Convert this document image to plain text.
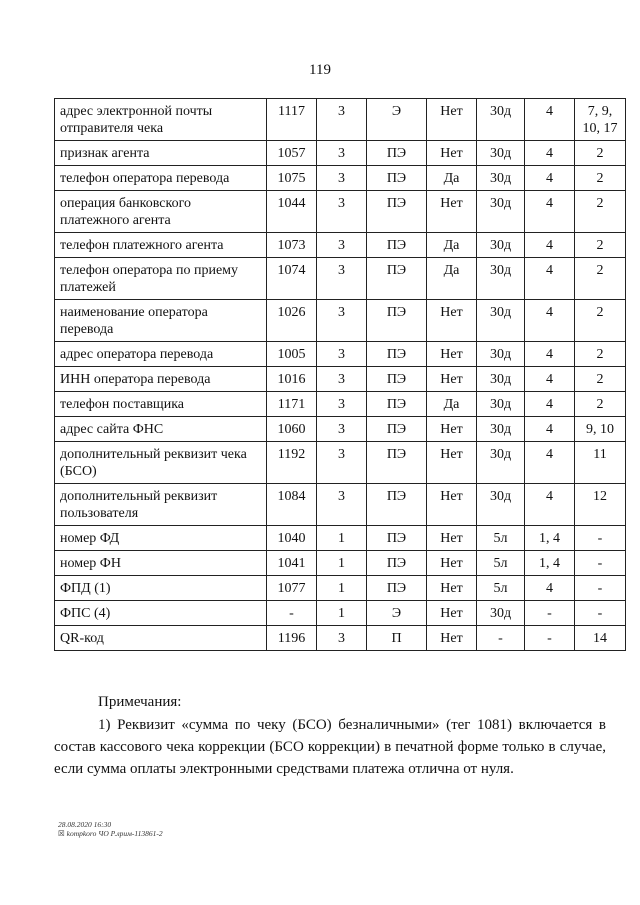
119
адрес электронной почты отправителя чека	1117	3	Э	Нет	30д	4	7, 9, 10, 17
признак агента	1057	3	ПЭ	Нет	30д	4	2
телефон оператора перевода	1075	3	ПЭ	Да	30д	4	2
операция банковского платежного агента	1044	3	ПЭ	Нет	30д	4	2
телефон платежного агента	1073	3	ПЭ	Да	30д	4	2
телефон оператора по приему платежей	1074	3	ПЭ	Да	30д	4	2
наименование оператора перевода	1026	3	ПЭ	Нет	30д	4	2
адрес оператора перевода	1005	3	ПЭ	Нет	30д	4	2
ИНН оператора перевода	1016	3	ПЭ	Нет	30д	4	2
телефон поставщика	1171	3	ПЭ	Да	30д	4	2
адрес сайта ФНС	1060	3	ПЭ	Нет	30д	4	9, 10
дополнительный реквизит чека (БСО)	1192	3	ПЭ	Нет	30д	4	11
дополнительный реквизит пользователя	1084	3	ПЭ	Нет	30д	4	12
номер ФД	1040	1	ПЭ	Нет	5л	1, 4	-
номер ФН	1041	1	ПЭ	Нет	5л	1, 4	-
ФПД (1)	1077	1	ПЭ	Нет	5л	4	-
ФПС (4)	-	1	Э	Нет	30д	-	-
QR-код	1196	3	П	Нет	-	-	14
Примечания:
1) Реквизит «сумма по чеку (БСО) безналичными» (тег 1081) включается в состав кассового чека коррекции (БСО коррекции) в печатной форме только в случае, если сумма оплаты электронными средствами платежа отлична от нуля.
28.08.2020 16:30
☒ kompkoro ЧО Р.лрим-113861-2
